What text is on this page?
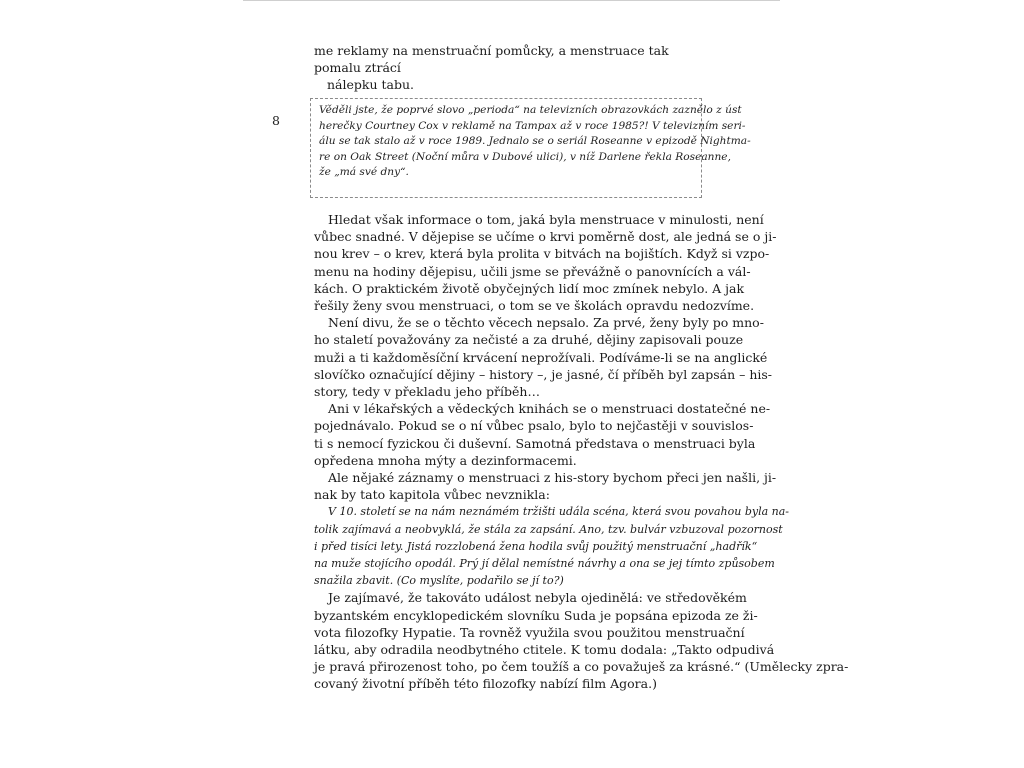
8

me reklamy na menstruační pomůcky, a menstruace tak pomalu ztrácí

nálepku tabu.

Věděli jste, že poprvé slovo „perioda“ na televizních obrazovkách zaznělo z úst
herečky Courtney Cox v reklamě na Tampax až v roce 1985?! V televizním seri-
álu se tak stalo až v roce 1989. Jednalo se o seriál Roseanne v epizodě Nightma-
re on Oak Street (Noční můra v Dubové ulici), v níž Darlene řekla Roseanne,
že „má své dny“.
Hledat však informace o tom, jaká byla menstruace v minulosti, není
vůbec snadné. V dějepise se učíme o krvi poměrně dost, ale jedná se o ji-
nou krev – o krev, která byla prolita v bitvách na bojištích. Když si vzpo-
menu na hodiny dějepisu, učili jsme se převážně o panovnících a vál-
kách. O praktickém životě obyčejných lidí moc zmínek nebylo. A jak
řešily ženy svou menstruaci, o tom se ve školách opravdu nedozvíme.
Není divu, že se o těchto věcech nepsalo. Za prvé, ženy byly po mno-
ho staletí považovány za nečisté a za druhé, dějiny zapisovali pouze
muži a ti každoměsíční krvácení neprožívali. Podíváme-li se na anglické
slovíčko označující dějiny – history –, je jasné, čí příběh byl zapsán – his-
story, tedy v překladu jeho příběh…
Ani v lékařských a vědeckých knihách se o menstruaci dostatečné ne-
pojednávalo. Pokud se o ní vůbec psalo, bylo to nejčastěji v souvislos-
ti s nemocí fyzickou či duševní. Samotná představa o menstruaci byla
opředena mnoha mýty a dezinformacemi.
Ale nějaké záznamy o menstruaci z his-story bychom přeci jen našli, ji-
nak by tato kapitola vůbec nevznikla:
V 10. století se na nám neznámém tržišti udála scéna, která svou povahou byla na-
tolik zajímavá a neobvyklá, že stála za zapsání. Ano, tzv. bulvár vzbuzoval pozornost
i před tisíci lety. Jistá rozzlobená žena hodila svůj použitý menstruační „hadřík“
na muže stojícího opodál. Prý jí dělal nemístné návrhy a ona se jej tímto způsobem
snažila zbavit. (Co myslíte, podařilo se jí to?)
Je zajímavé, že takováto událost nebyla ojedinělá: ve středověkém
byzantském encyklopedickém slovníku Suda je popsána epizoda ze ži-
vota filozofky Hypatie. Ta rovněž využila svou použitou menstruační
látku, aby odradila neodbytného ctitele. K tomu dodala: „Takto odpudivá
je pravá přirozenost toho, po čem toužíš a co považuješ za krásné.“ (Umělecky zpra-
covaný životní příběh této filozofky nabízí film Agora.)
